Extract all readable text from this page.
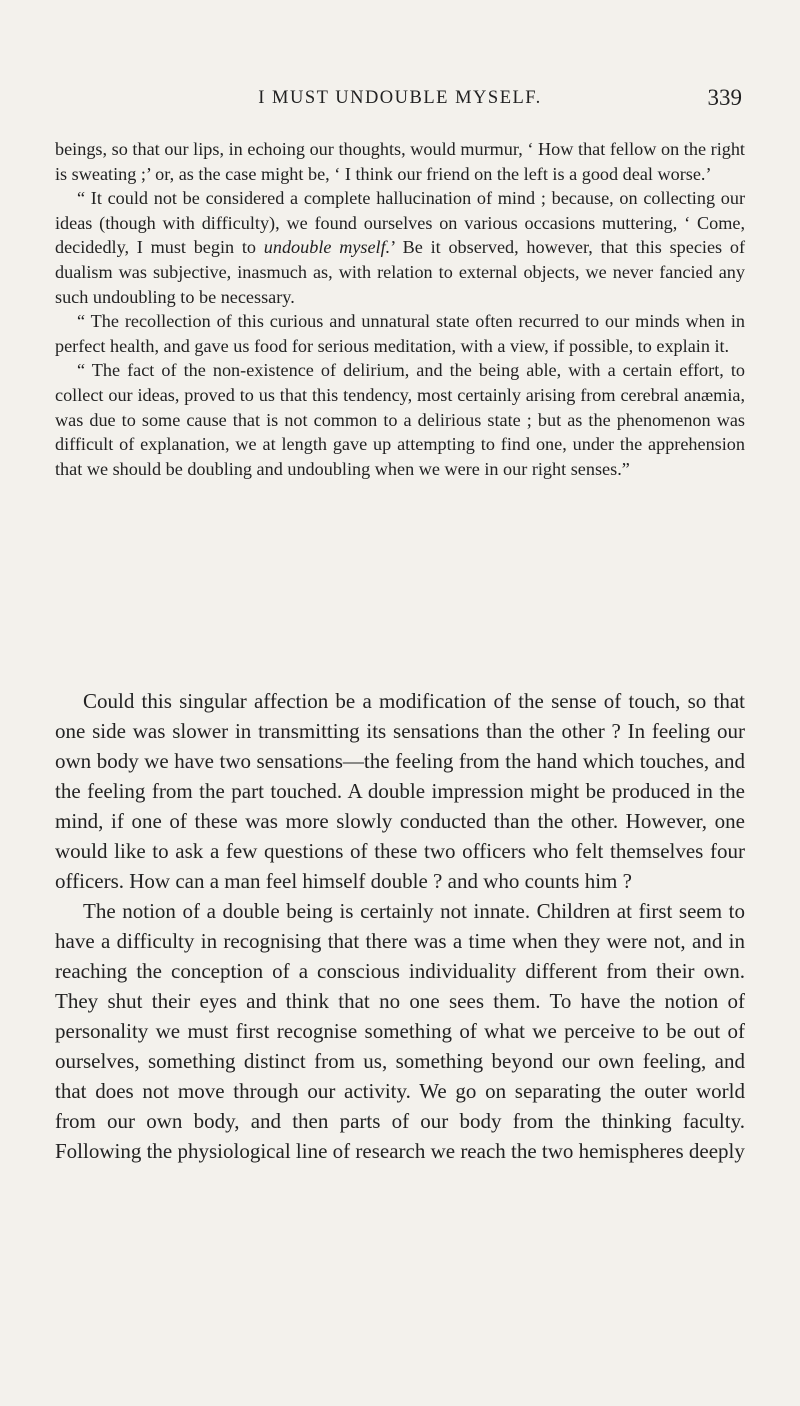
I MUST UNDOUBLE MYSELF.	339

beings, so that our lips, in echoing our thoughts, would murmur, ‘ How that fellow on the right is sweating ;’ or, as the case might be, ‘ I think our friend on the left is a good deal worse.’

“ It could not be considered a complete hallucination of mind ; because, on collecting our ideas (though with difficulty), we found ourselves on various occasions muttering, ‘ Come, decidedly, I must begin to undouble myself.’ Be it observed, however, that this species of dualism was subjective, inasmuch as, with relation to external objects, we never fancied any such undoubling to be necessary.

“ The recollection of this curious and unnatural state often recurred to our minds when in perfect health, and gave us food for serious meditation, with a view, if possible, to explain it.

“ The fact of the non-existence of delirium, and the being able, with a certain effort, to collect our ideas, proved to us that this tendency, most certainly arising from cerebral anæmia, was due to some cause that is not common to a delirious state ; but as the phenomenon was difficult of explanation, we at length gave up attempting to find one, under the apprehension that we should be doubling and undoubling when we were in our right senses.”

Could this singular affection be a modification of the sense of touch, so that one side was slower in transmitting its sensations than the other ? In feeling our own body we have two sensations—the feeling from the hand which touches, and the feeling from the part touched. A double impression might be produced in the mind, if one of these was more slowly conducted than the other. However, one would like to ask a few questions of these two officers who felt themselves four officers. How can a man feel himself double ? and who counts him ?

The notion of a double being is certainly not innate. Children at first seem to have a difficulty in recognising that there was a time when they were not, and in reaching the conception of a conscious individuality different from their own. They shut their eyes and think that no one sees them. To have the notion of personality we must first recognise something of what we perceive to be out of ourselves, something distinct from us, something beyond our own feeling, and that does not move through our activity. We go on separating the outer world from our own body, and then parts of our body from the thinking faculty. Following the physiological line of research we reach the two hemispheres deeply
